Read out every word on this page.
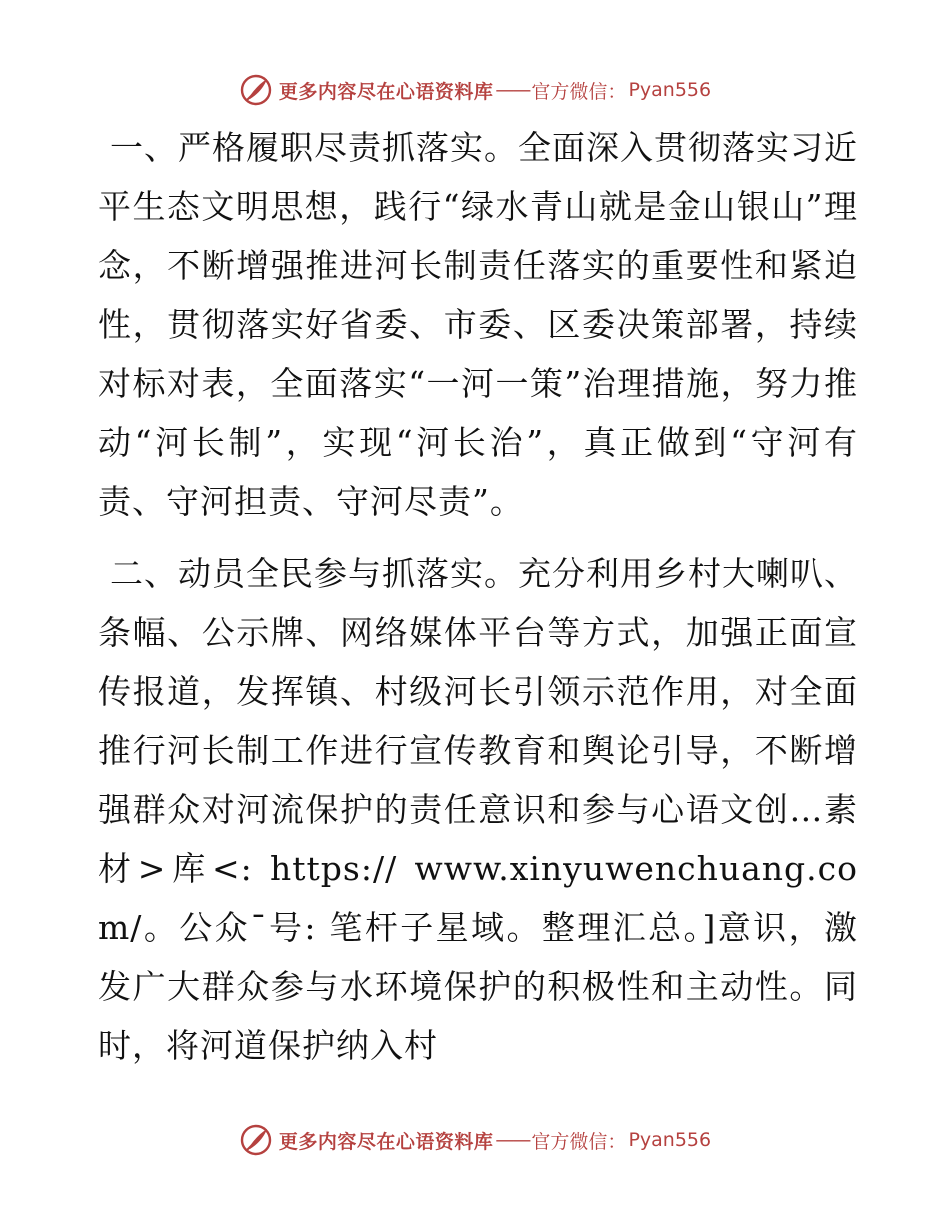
更多内容尽在心语资料库 —— 官方微信： Pyan556

一、严格履职尽责抓落实。全面深入贯彻落实习近平生态文明思想，践行“绿水青山就是金山银山”理念，不断增强推进河长制责任落实的重要性和紧迫性，贯彻落实好省委、市委、区委决策部署，持续对标对表，全面落实“一河一策”治理措施，努力推动“河长制”，实现“河长治”，真正做到“守河有责、守河担责、守河尽责”。

二、动员全民参与抓落实。充分利用乡村大喇叭、条幅、公示牌、网络媒体平台等方式，加强正面宣传报道，发挥镇、村级河长引领示范作用，对全面推行河长制工作进行宣传教育和舆论引导，不断增强群众对河流保护的责任意识和参与心语文创…素材>库<: https:// www.xinyuwenchuang.com/。公众¯号: 笔杆子星域。整理汇总。]意识，激发广大群众参与水环境保护的积极性和主动性。同时，将河道保护纳入村

更多内容尽在心语资料库 —— 官方微信： Pyan556
